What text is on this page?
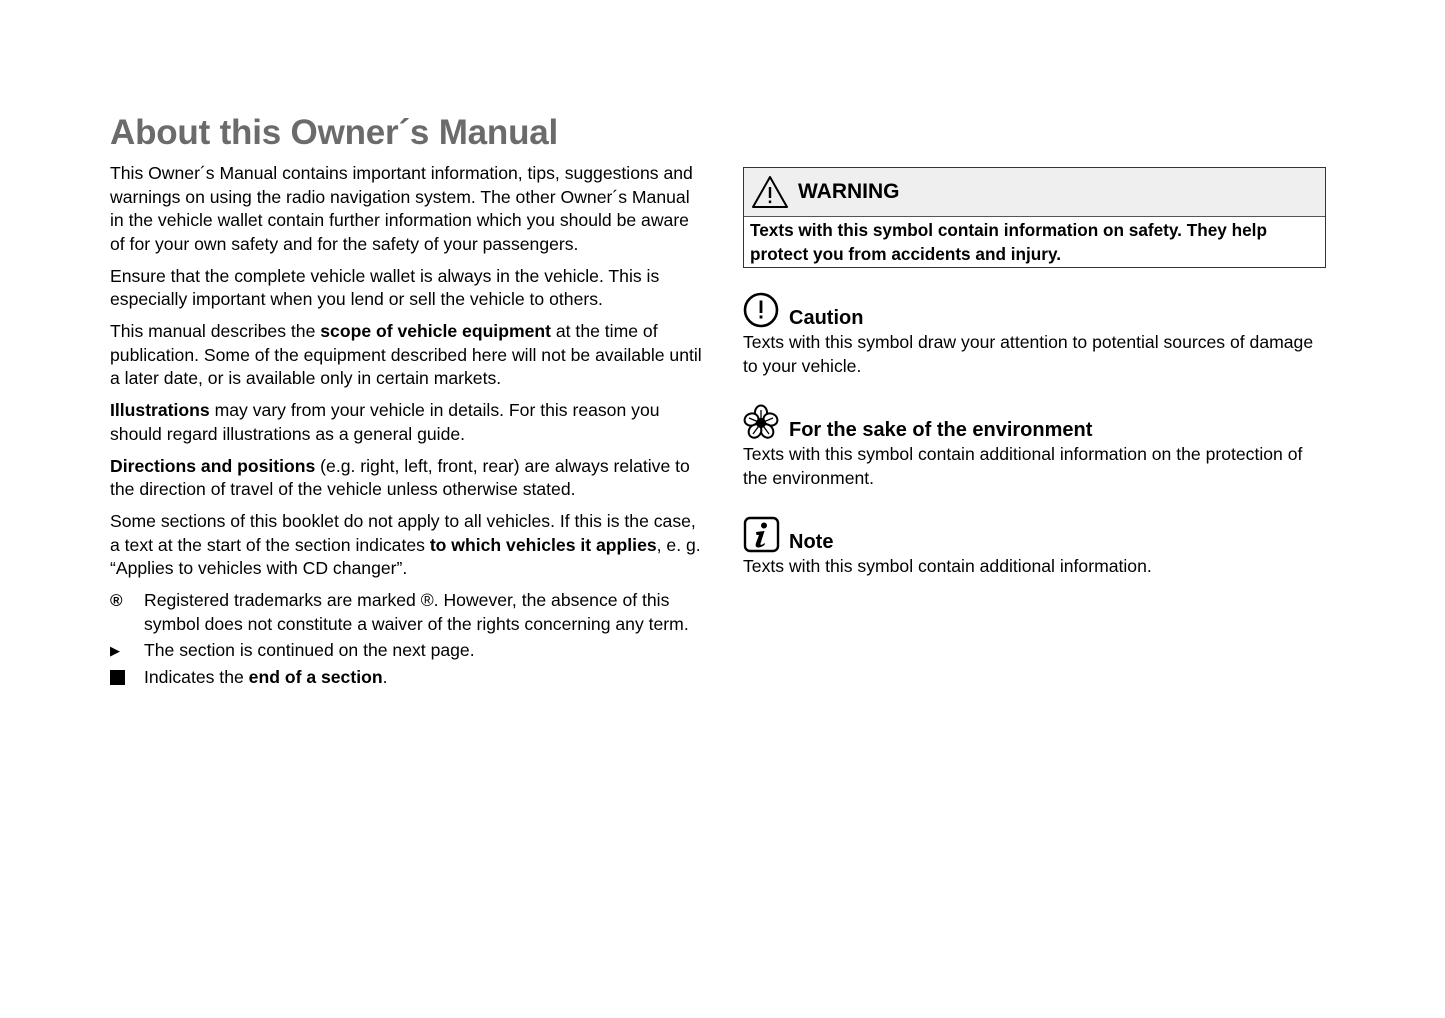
About this Owner´s Manual

This Owner´s Manual contains important information, tips, suggestions and warnings on using the radio navigation system. The other Owner´s Manual in the vehicle wallet contain further information which you should be aware of for your own safety and for the safety of your passengers.

Ensure that the complete vehicle wallet is always in the vehicle. This is especially important when you lend or sell the vehicle to others.

This manual describes the scope of vehicle equipment at the time of publication. Some of the equipment described here will not be available until a later date, or is available only in certain markets.

Illustrations may vary from your vehicle in details. For this reason you should regard illustrations as a general guide.

Directions and positions (e.g. right, left, front, rear) are always relative to the direction of travel of the vehicle unless otherwise stated.

Some sections of this booklet do not apply to all vehicles. If this is the case, a text at the start of the section indicates to which vehicles it applies, e. g. “Applies to vehicles with CD changer”.

® Registered trademarks are marked ®. However, the absence of this symbol does not constitute a waiver of the rights concerning any term.
▶ The section is continued on the next page.
Indicates the end of a section.
WARNING
Texts with this symbol contain information on safety. They help protect you from accidents and injury.
Caution
Texts with this symbol draw your attention to potential sources of damage to your vehicle.
For the sake of the environment
Texts with this symbol contain additional information on the protection of the environment.
Note
Texts with this symbol contain additional information.
